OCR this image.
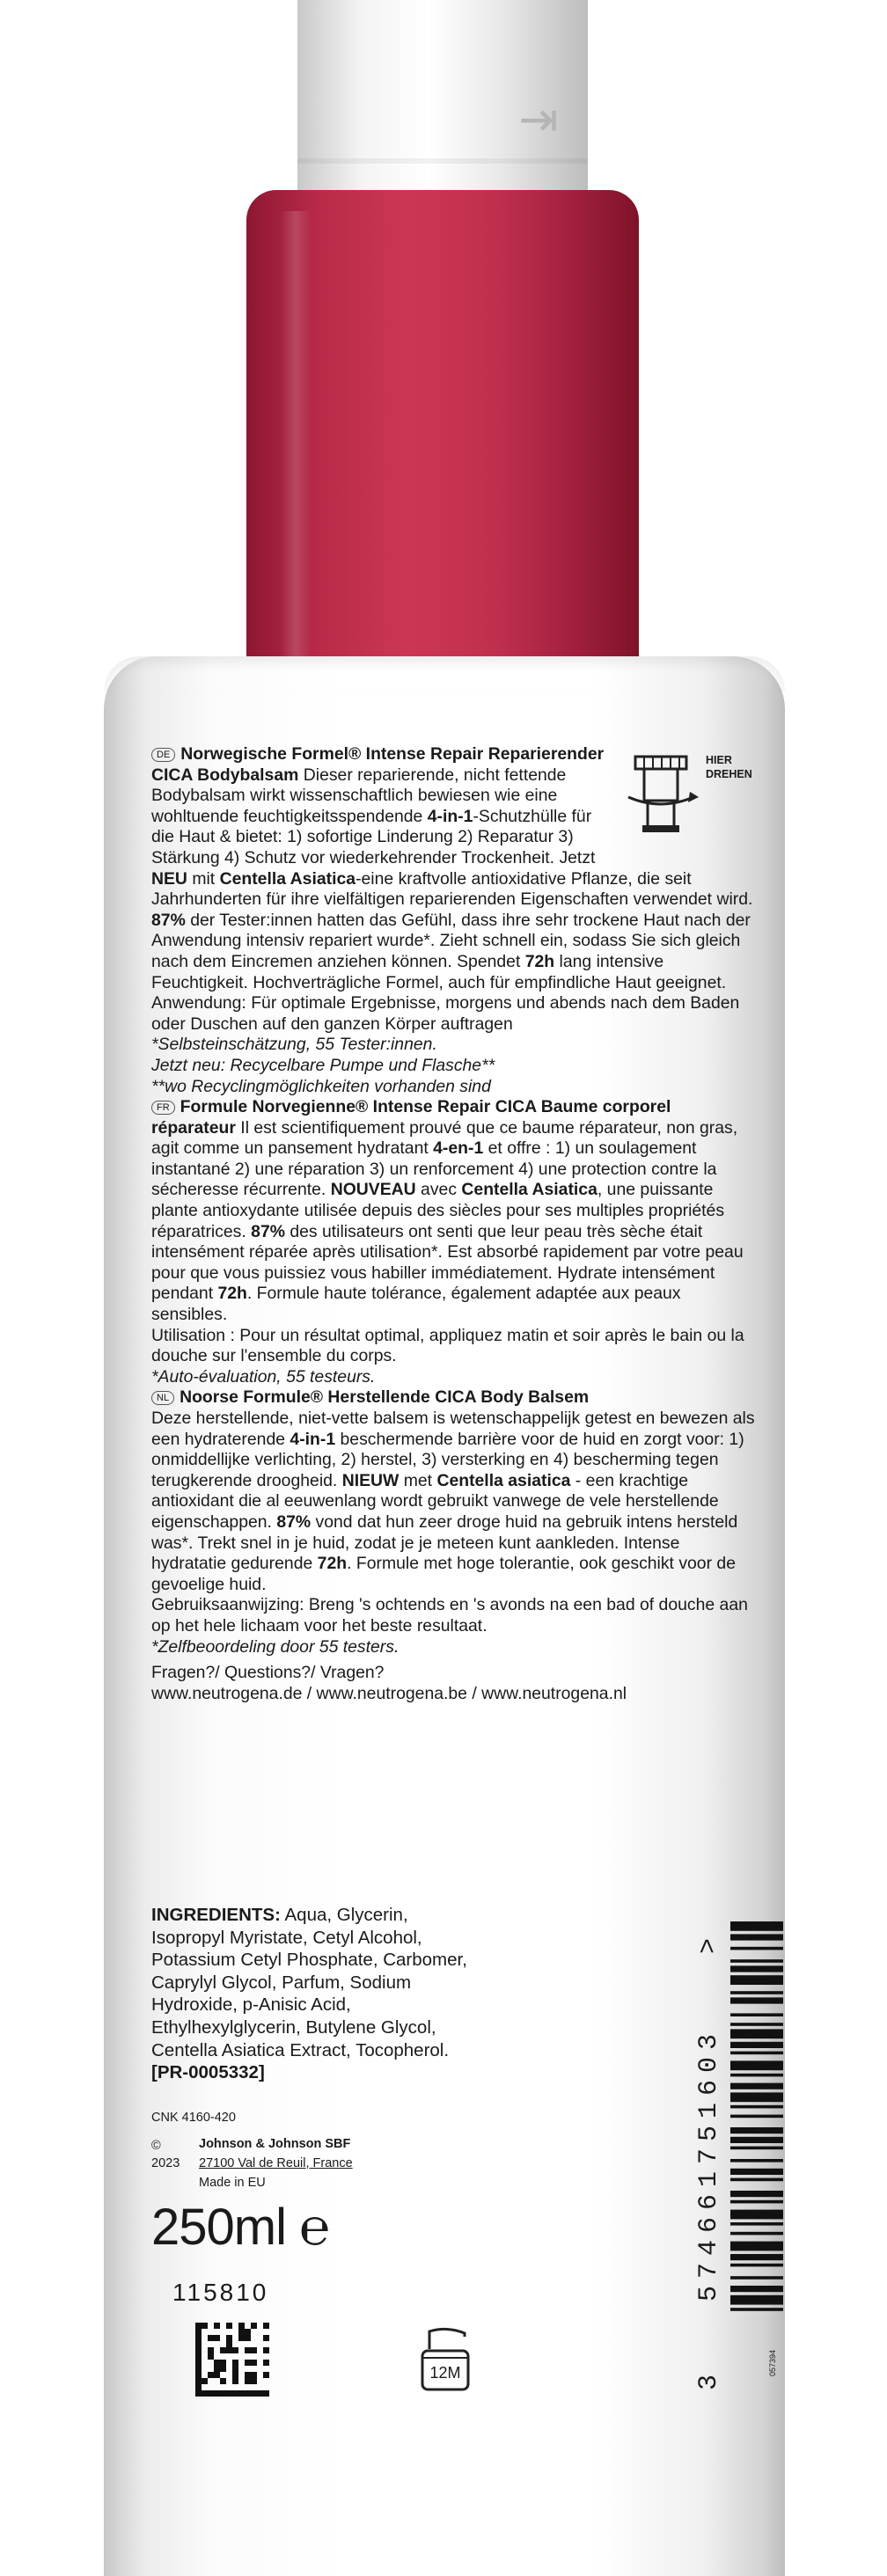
⇥
HIER
DREHEN

DE Norwegische Formel® Intense Repair Reparierender CICA Bodybalsam Dieser reparierende, nicht fettende Bodybalsam wirkt wissenschaftlich bewiesen wie eine wohltuende feuchtigkeitsspendende 4-in-1-Schutzhülle für die Haut & bietet: 1) sofortige Linderung 2) Reparatur 3) Stärkung 4) Schutz vor wiederkehrender Trockenheit. Jetzt

NEU mit Centella Asiatica-eine kraftvolle antioxidative Pflanze, die seit Jahrhunderten für ihre vielfältigen reparierenden Eigenschaften verwendet wird. 87% der Tester:innen hatten das Gefühl, dass ihre sehr trockene Haut nach der Anwendung intensiv repariert wurde*. Zieht schnell ein, sodass Sie sich gleich nach dem Eincremen anziehen können. Spendet 72h lang intensive Feuchtigkeit. Hochverträgliche Formel, auch für empfindliche Haut geeignet.

Anwendung: Für optimale Ergebnisse, morgens und abends nach dem Baden oder Duschen auf den ganzen Körper auftragen

*Selbsteinschätzung, 55 Tester:innen.

Jetzt neu: Recycelbare Pumpe und Flasche**

**wo Recyclingmöglichkeiten vorhanden sind

FR Formule Norvegienne® Intense Repair CICA Baume corporel réparateur Il est scientifiquement prouvé que ce baume réparateur, non gras, agit comme un pansement hydratant 4-en-1 et offre : 1) un soulagement instantané 2) une réparation 3) un renforcement 4) une protection contre la sécheresse récurrente. NOUVEAU avec Centella Asiatica, une puissante plante antioxydante utilisée depuis des siècles pour ses multiples propriétés réparatrices. 87% des utilisateurs ont senti que leur peau très sèche était intensément réparée après utilisation*. Est absorbé rapidement par votre peau pour que vous puissiez vous habiller immédiatement. Hydrate intensément pendant 72h. Formule haute tolérance, également adaptée aux peaux sensibles.

Utilisation : Pour un résultat optimal, appliquez matin et soir après le bain ou la douche sur l'ensemble du corps.

*Auto-évaluation, 55 testeurs.

NL Noorse Formule® Herstellende CICA Body Balsem

Deze herstellende, niet-vette balsem is wetenschappelijk getest en bewezen als een hydraterende 4-in-1 beschermende barrière voor de huid en zorgt voor: 1) onmiddellijke verlichting, 2) herstel, 3) versterking en 4) bescherming tegen terugkerende droogheid. NIEUW met Centella asiatica - een krachtige antioxidant die al eeuwenlang wordt gebruikt vanwege de vele herstellende eigenschappen. 87% vond dat hun zeer droge huid na gebruik intens hersteld was*. Trekt snel in je huid, zodat je je meteen kunt aankleden. Intense hydratatie gedurende 72h. Formule met hoge tolerantie, ook geschikt voor de gevoelige huid.

Gebruiksaanwijzing: Breng 's ochtends en 's avonds na een bad of douche aan op het hele lichaam voor het beste resultaat.

*Zelfbeoordeling door 55 testers.

Fragen?/ Questions?/ Vragen?

www.neutrogena.de / www.neutrogena.be / www.neutrogena.nl

INGREDIENTS: Aqua, Glycerin, Isopropyl Myristate, Cetyl Alcohol, Potassium Cetyl Phosphate, Carbomer, Caprylyl Glycol, Parfum, Sodium Hydroxide, p-Anisic Acid, Ethylhexylglycerin, Butylene Glycol, Centella Asiatica Extract, Tocopherol.
[PR-0005332]
CNK 4160-420
©
2023
Johnson & Johnson SBF
27100 Val de Reuil, France
Made in EU
250ml ℮
115810
12M
3
>
574661751603
057394
